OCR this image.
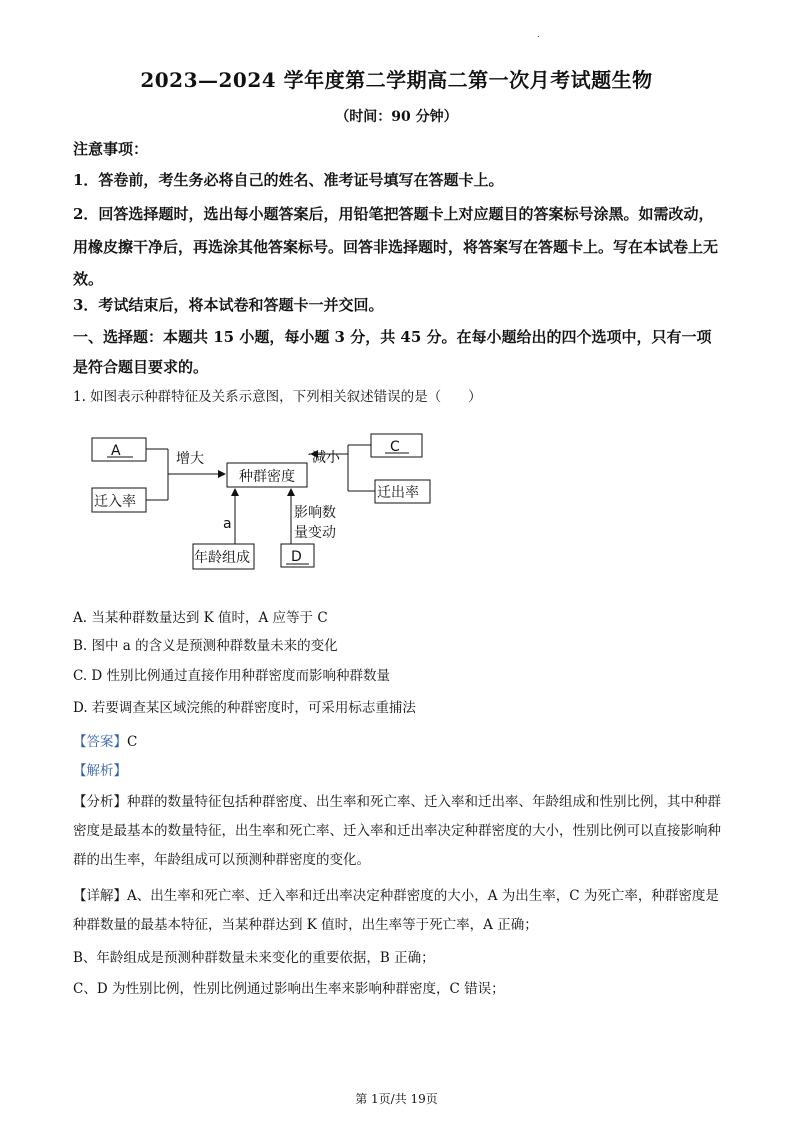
.
2023—2024 学年度第二学期高二第一次月考试题生物
（时间：90 分钟）
注意事项：
1．答卷前，考生务必将自己的姓名、准考证号填写在答题卡上。
2．回答选择题时，选出每小题答案后，用铅笔把答题卡上对应题目的答案标号涂黑。如需改动，用橡皮擦干净后，再选涂其他答案标号。回答非选择题时，将答案写在答题卡上。写在本试卷上无效。
3．考试结束后，将本试卷和答题卡一并交回。
一、选择题：本题共 15 小题，每小题 3 分，共 45 分。在每小题给出的四个选项中，只有一项是符合题目要求的。
1. 如图表示种群特征及关系示意图，下列相关叙述错误的是（　　）
A
迁入率
增大
种群密度
C
迁出率
减小
a
年龄组成
影响数
量变动
D
A. 当某种群数量达到 K 值时，A 应等于 C
B. 图中 a 的含义是预测种群数量未来的变化
C. D 性别比例通过直接作用种群密度而影响种群数量
D. 若要调查某区域浣熊的种群密度时，可采用标志重捕法
【答案】C
【解析】
【分析】种群的数量特征包括种群密度、出生率和死亡率、迁入率和迁出率、年龄组成和性别比例，其中种群密度是最基本的数量特征，出生率和死亡率、迁入率和迁出率决定种群密度的大小，性别比例可以直接影响种群的出生率，年龄组成可以预测种群密度的变化。
【详解】A、出生率和死亡率、迁入率和迁出率决定种群密度的大小，A 为出生率，C 为死亡率，种群密度是种群数量的最基本特征，当某种群达到 K 值时，出生率等于死亡率，A 正确；
B、年龄组成是预测种群数量未来变化的重要依据，B 正确；
C、D 为性别比例，性别比例通过影响出生率来影响种群密度，C 错误；
第 1页/共 19页
